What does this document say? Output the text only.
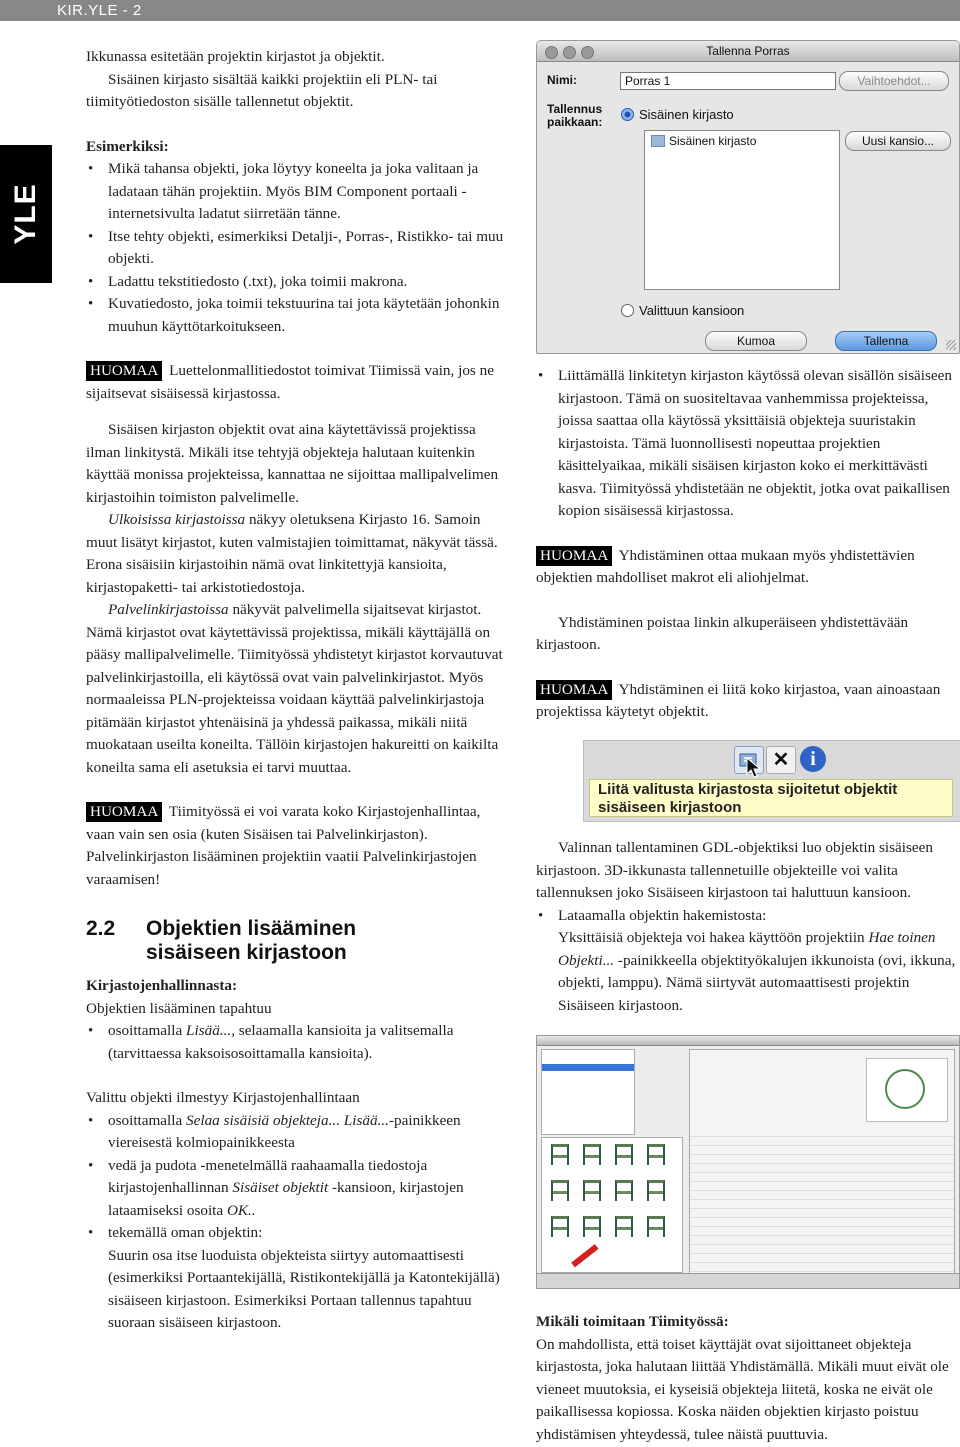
KIR.YLE - 2
YLE

Ikkunassa esitetään projektin kirjastot ja objektit.

Sisäinen kirjasto sisältää kaikki projektiin eli PLN- tai tiimityötiedoston sisälle tallennetut objektit.

Esimerkiksi:

• Mikä tahansa objekti, joka löytyy koneelta ja joka valitaan ja ladataan tähän projektiin. Myös BIM Component portaali -internetsivulta ladatut siirretään tänne.
• Itse tehty objekti, esimerkiksi Detalji-, Porras-, Ristikko- tai muu objekti.
• Ladattu tekstitiedosto (.txt), joka toimii makrona.
• Kuvatiedosto, joka toimii tekstuurina tai jota käytetään johonkin muuhun käyttötarkoitukseen.

HUOMAA Luettelonmallitiedostot toimivat Tiimissä vain, jos ne sijaitsevat sisäisessä kirjastossa.

Sisäisen kirjaston objektit ovat aina käytettävissä projektissa ilman linkitystä. Mikäli itse tehtyjä objekteja halutaan kuitenkin käyttää monissa projekteissa, kannattaa ne sijoittaa mallipalvelimen kirjastoihin toimiston palvelimelle.

Ulkoisissa kirjastoissa näkyy oletuksena Kirjasto 16. Samoin muut lisätyt kirjastot, kuten valmistajien toimittamat, näkyvät tässä. Erona sisäisiin kirjastoihin nämä ovat linkitettyjä kansioita, kirjastopaketti- tai arkistotiedostoja.

Palvelinkirjastoissa näkyvät palvelimella sijaitsevat kirjastot. Nämä kirjastot ovat käytettävissä projektissa, mikäli käyttäjällä on pääsy mallipalvelimelle. Tiimityössä yhdistetyt kirjastot korvautuvat palvelinkirjastoilla, eli käytössä ovat vain palvelinkirjastot. Myös normaaleissa PLN-projekteissa voidaan käyttää palvelinkirjastoja pitämään kirjastot yhtenäisinä ja yhdessä paikassa, mikäli niitä muokataan useilta koneilta. Tällöin kirjastojen hakureitti on kaikilta koneilta sama eli asetuksia ei tarvi muuttaa.

HUOMAA Tiimityössä ei voi varata koko Kirjastojenhallintaa, vaan vain sen osia (kuten Sisäisen tai Palvelinkirjaston). Palvelinkirjaston lisääminen projektiin vaatii Palvelinkirjastojen varaamisen!

2.2 Objektien lisääminen
sisäiseen kirjastoon

Kirjastojenhallinnasta:

Objektien lisääminen tapahtuu

• osoittamalla Lisää..., selaamalla kansioita ja valitsemalla (tarvittaessa kaksoisosoittamalla kansioita).

Valittu objekti ilmestyy Kirjastojenhallintaan

• osoittamalla Selaa sisäisiä objekteja... Lisää...-painikkeen viereisestä kolmiopainikkeesta
• vedä ja pudota -menetelmällä raahaamalla tiedostoja kirjastojenhallinnan Sisäiset objektit -kansioon, kirjastojen lataamiseksi osoita OK..
• tekemällä oman objektin:

Suurin osa itse luoduista objekteista siirtyy automaattisesti (esimerkiksi Portaantekijällä, Ristikontekijällä ja Katontekijällä) sisäiseen kirjastoon. Esimerkiksi Portaan tallennus tapahtuu suoraan sisäiseen kirjastoon.

Tallenna Porras
Nimi:	Porras 1	Vaihtoehdot...
Tallennus
paikkaan:	Sisäinen kirjasto
Sisäinen kirjasto	Uusi kansio...
Valittuun kansioon
Kumoa	Tallenna
• Liittämällä linkitetyn kirjaston käytössä olevan sisällön sisäiseen kirjastoon. Tämä on suositeltavaa vanhemmissa projekteissa, joissa saattaa olla käytössä yksittäisiä objekteja suuristakin kirjastoista. Tämä luonnollisesti nopeuttaa projektien käsittelyaikaa, mikäli sisäisen kirjaston koko ei merkittävästi kasva. Tiimityössä yhdistetään ne objektit, jotka ovat paikallisen kopion sisäisessä kirjastossa.

HUOMAA Yhdistäminen ottaa mukaan myös yhdistettävien objektien mahdolliset makrot eli aliohjelmat.

Yhdistäminen poistaa linkin alkuperäiseen yhdistettävään kirjastoon.

HUOMAA Yhdistäminen ei liitä koko kirjastoa, vaan ainoastaan projektissa käytetyt objektit.

✕	i
Liitä valitusta kirjastosta sijoitetut objektit sisäiseen kirjastoon

Valinnan tallentaminen GDL-objektiksi luo objektin sisäiseen kirjastoon. 3D-ikkunasta tallennetuille objekteille voi valita tallennuksen joko Sisäiseen kirjastoon tai haluttuun kansioon.

• Lataamalla objektin hakemistosta:

Yksittäisiä objekteja voi hakea käyttöön projektiin Hae toinen Objekti... -painikkeella objektityökalujen ikkunoista (ovi, ikkuna, objekti, lamppu). Nämä siirtyvät automaattisesti projektin Sisäiseen kirjastoon.

Mikäli toimitaan Tiimityössä:

On mahdollista, että toiset käyttäjät ovat sijoittaneet objekteja kirjastosta, joka halutaan liittää Yhdistämällä. Mikäli muut eivät ole vieneet muutoksia, ei kyseisiä objekteja liitetä, koska ne eivät ole paikallisessa kopiossa. Koska näiden objektien kirjasto poistuu yhdistämisen yhteydessä, tulee näistä puuttuvia.
